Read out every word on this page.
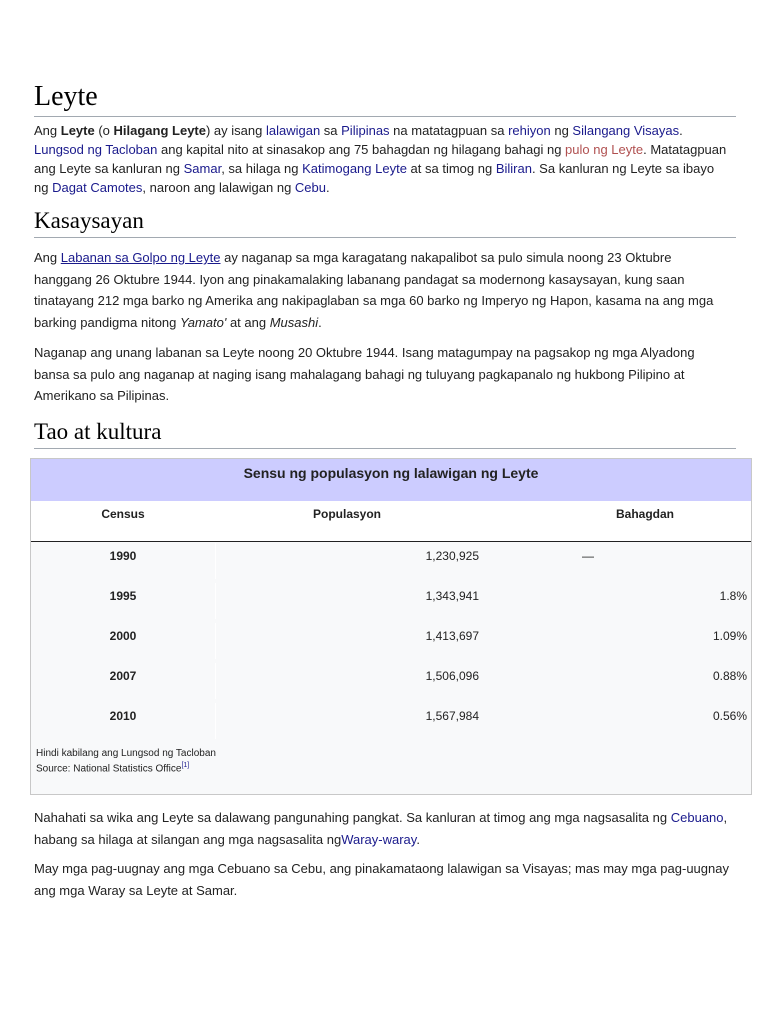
Leyte

Ang Leyte (o Hilagang Leyte) ay isang lalawigan sa Pilipinas na matatagpuan sa rehiyon ng Silangang Visayas. Lungsod ng Tacloban ang kapital nito at sinasakop ang 75 bahagdan ng hilagang bahagi ng pulo ng Leyte. Matatagpuan ang Leyte sa kanluran ng Samar, sa hilaga ng Katimogang Leyte at sa timog ng Biliran. Sa kanluran ng Leyte sa ibayo ng Dagat Camotes, naroon ang lalawigan ng Cebu.

Kasaysayan

Ang Labanan sa Golpo ng Leyte ay naganap sa mga karagatang nakapalibot sa pulo simula noong 23 Oktubre hanggang 26 Oktubre 1944. Iyon ang pinakamalaking labanang pandagat sa modernong kasaysayan, kung saan tinatayang 212 mga barko ng Amerika ang nakipaglaban sa mga 60 barko ng Imperyo ng Hapon, kasama na ang mga barking pandigma nitong Yamato' at ang Musashi.

Naganap ang unang labanan sa Leyte noong 20 Oktubre 1944. Isang matagumpay na pagsakop ng mga Alyadong bansa sa pulo ang naganap at naging isang mahalagang bahagi ng tuluyang pagkapanalo ng hukbong Pilipino at Amerikano sa Pilipinas.

Tao at kultura
Sensu ng populasyon ng lalawigan ng Leyte
Census	Populasyon	Bahagdan
1990	1,230,925	—
1995	1,343,941	1.8%
2000	1,413,697	1.09%
2007	1,506,096	0.88%
2010	1,567,984	0.56%
Hindi kabilang ang Lungsod ng Tacloban
Source: National Statistics Office[1]

Nahahati sa wika ang Leyte sa dalawang pangunahing pangkat. Sa kanluran at timog ang mga nagsasalita ng Cebuano, habang sa hilaga at silangan ang mga nagsasalita ngWaray-waray.

May mga pag-uugnay ang mga Cebuano sa Cebu, ang pinakamataong lalawigan sa Visayas; mas may mga pag-uugnay ang mga Waray sa Leyte at Samar.
